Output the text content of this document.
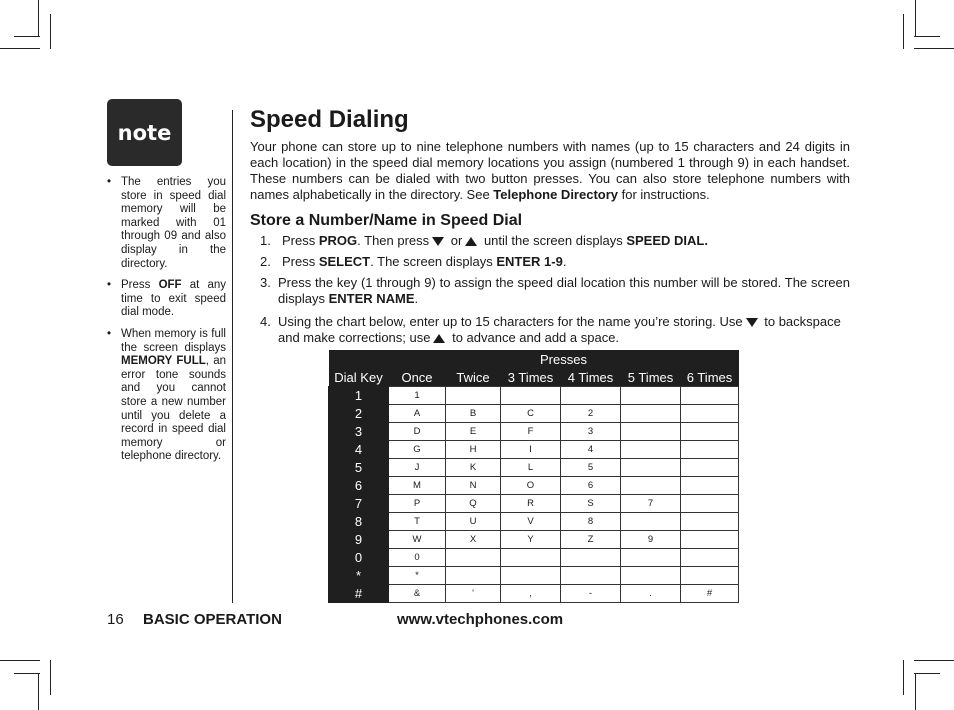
note
• The entries you store in speed dial memory will be marked with 01 through 09 and also display in the directory.
• Press OFF at any time to exit speed dial mode.
• When memory is full the screen displays MEMORY FULL, an error tone sounds and you cannot store a new number until you delete a record in speed dial memory or telephone directory.
Speed Dialing

Your phone can store up to nine telephone numbers with names (up to 15 characters and 24 digits in each location) in the speed dial memory locations you assign (numbered 1 through 9) in each handset. These numbers can be dialed with two button presses. You can also store telephone numbers with names alphabetically in the directory. See Telephone Directory for instructions.

Store a Number/Name in Speed Dial

1. Press PROG. Then press or until the screen displays SPEED DIAL.

2. Press SELECT. The screen displays ENTER 1-9.

3. Press the key (1 through 9) to assign the speed dial location this number will be stored. The screen displays ENTER NAME.

4. Using the chart below, enter up to 15 characters for the name you’re storing. Use to backspace and make corrections; use to advance and add a space.

	Presses					
Dial Key	Once	Twice	3 Times	4 Times	5 Times	6 Times
1	1					
2	A	B	C	2		
3	D	E	F	3		
4	G	H	I	4		
5	J	K	L	5		
6	M	N	O	6		
7	P	Q	R	S	7	
8	T	U	V	8		
9	W	X	Y	Z	9	
0	0					
*	*					
#	&	'	,	-	.	#
16 BASIC OPERATION	www.vtechphones.com
